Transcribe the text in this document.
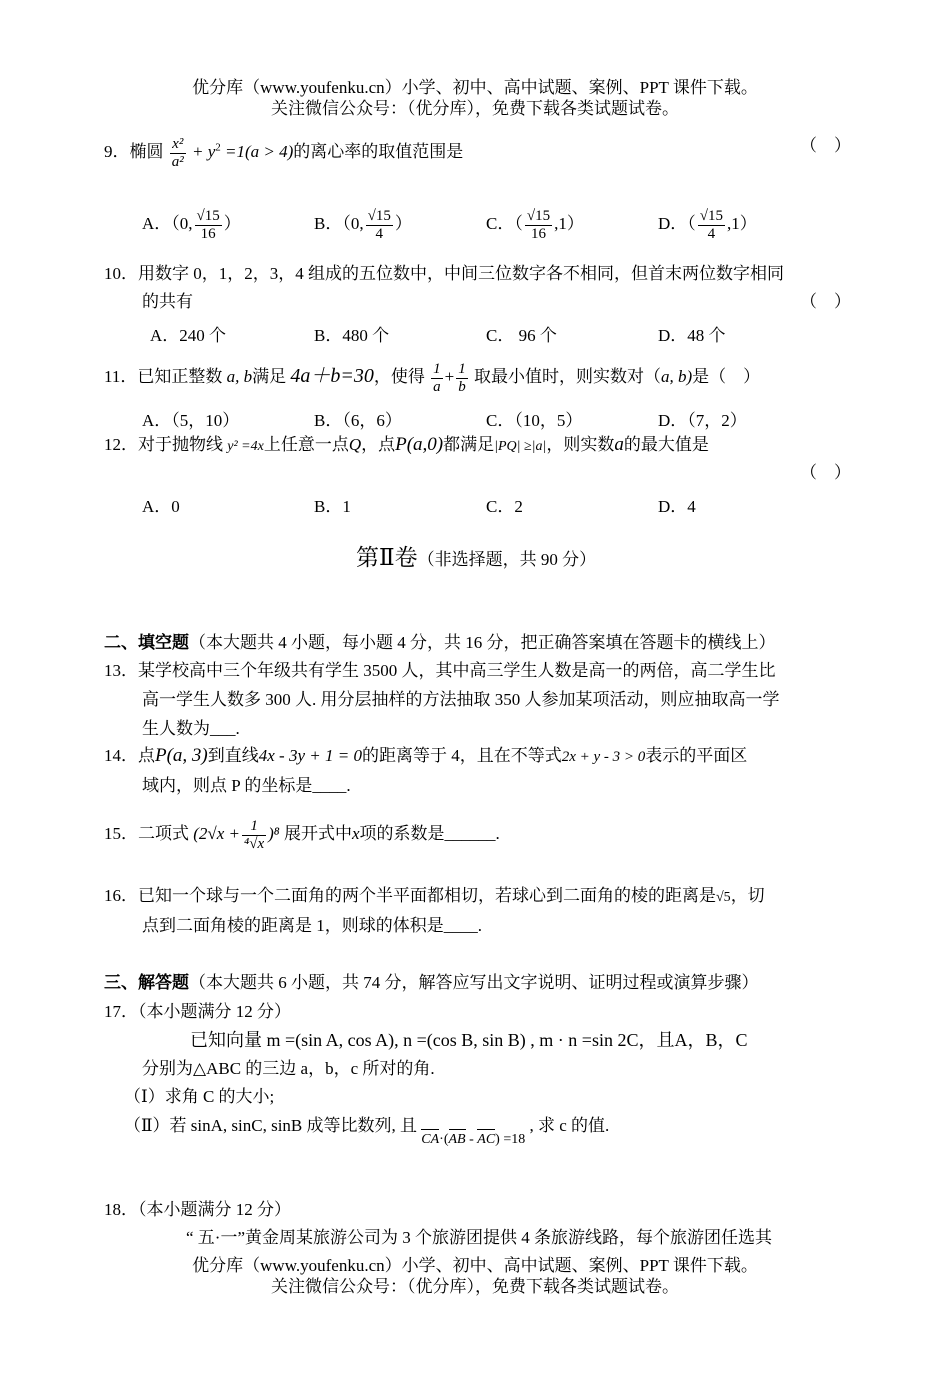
优分库（www.youfenku.cn）小学、初中、高中试题、案例、PPT 课件下载。
关注微信公众号：（优分库），免费下载各类试题试卷。
9．椭圆 $\frac{\text{x²}}{\text{a²}} + y^2 =1(a > 4)$的离心率的取值范围是	（　）
A．（0, $\frac{√15}{16}$ ）	B．（0, $\frac{√15}{4}$ ）	C．（ $\frac{√15}{16} ,1$）	D．（ $\frac{√15}{4} ,1$）
10．用数字 0，1，2，3，4 组成的五位数中，中间三位数字各不相同，但首末两位数字相同
的共有	（　）
A．240 个	B．480 个	C． 96 个	D．48 个
11．已知正整数 a, b满足 4a＋b=30，使得 $\frac{1}{a} + \frac{1}{b}$ 取最小值时，则实数对（a, b)是（　）
A．（5，10）	B．（6，6）	C．（10，5）	D．（7，2）
12．对于抛物线 y² =4x上任意一点Q，点P(a,0)都满足|PQ| ≥|a|，则实数a的最大值是
（　）
A．0	B．1	C．2	D．4
第Ⅱ卷（非选择题，共 90 分）
二、填空题（本大题共 4 小题，每小题 4 分，共 16 分，把正确答案填在答题卡的横线上）
13．某学校高中三个年级共有学生 3500 人，其中高三学生人数是高一的两倍，高二学生比
高一学生人数多 300 人. 用分层抽样的方法抽取 350 人参加某项活动，则应抽取高一学
生人数为___.
14．点P(a, 3)到直线4x - 3y + 1 = 0的距离等于 4，且在不等式2x + y - 3 > 0表示的平面区
域内，则点 P 的坐标是____.
15．二项式 $(2√x + \frac{1}{\text{⁴√x}} )^8$ 展开式中x项的系数是______.
16．已知一个球与一个二面角的两个半平面都相切，若球心到二面角的棱的距离是√5，切
点到二面角棱的距离是 1，则球的体积是____.
三、解答题（本大题共 6 小题，共 74 分，解答应写出文字说明、证明过程或演算步骤）
17．（本小题满分 12 分）
已知向量 m =(sin A, cos A), n =(cos B, sin B) , m · n =sin 2C，且A，B，C
分别为△ABC 的三边 a，b，c 所对的角.
（Ⅰ）求角 C 的大小;
（Ⅱ）若 sinA, sinC, sinB 成等比数列, 且 CA·(AB - AC) =18 , 求 c 的值.
18．（本小题满分 12 分）
“ 五·一”黄金周某旅游公司为 3 个旅游团提供 4 条旅游线路，每个旅游团任选其
优分库（www.youfenku.cn）小学、初中、高中试题、案例、PPT 课件下载。
关注微信公众号：（优分库），免费下载各类试题试卷。
